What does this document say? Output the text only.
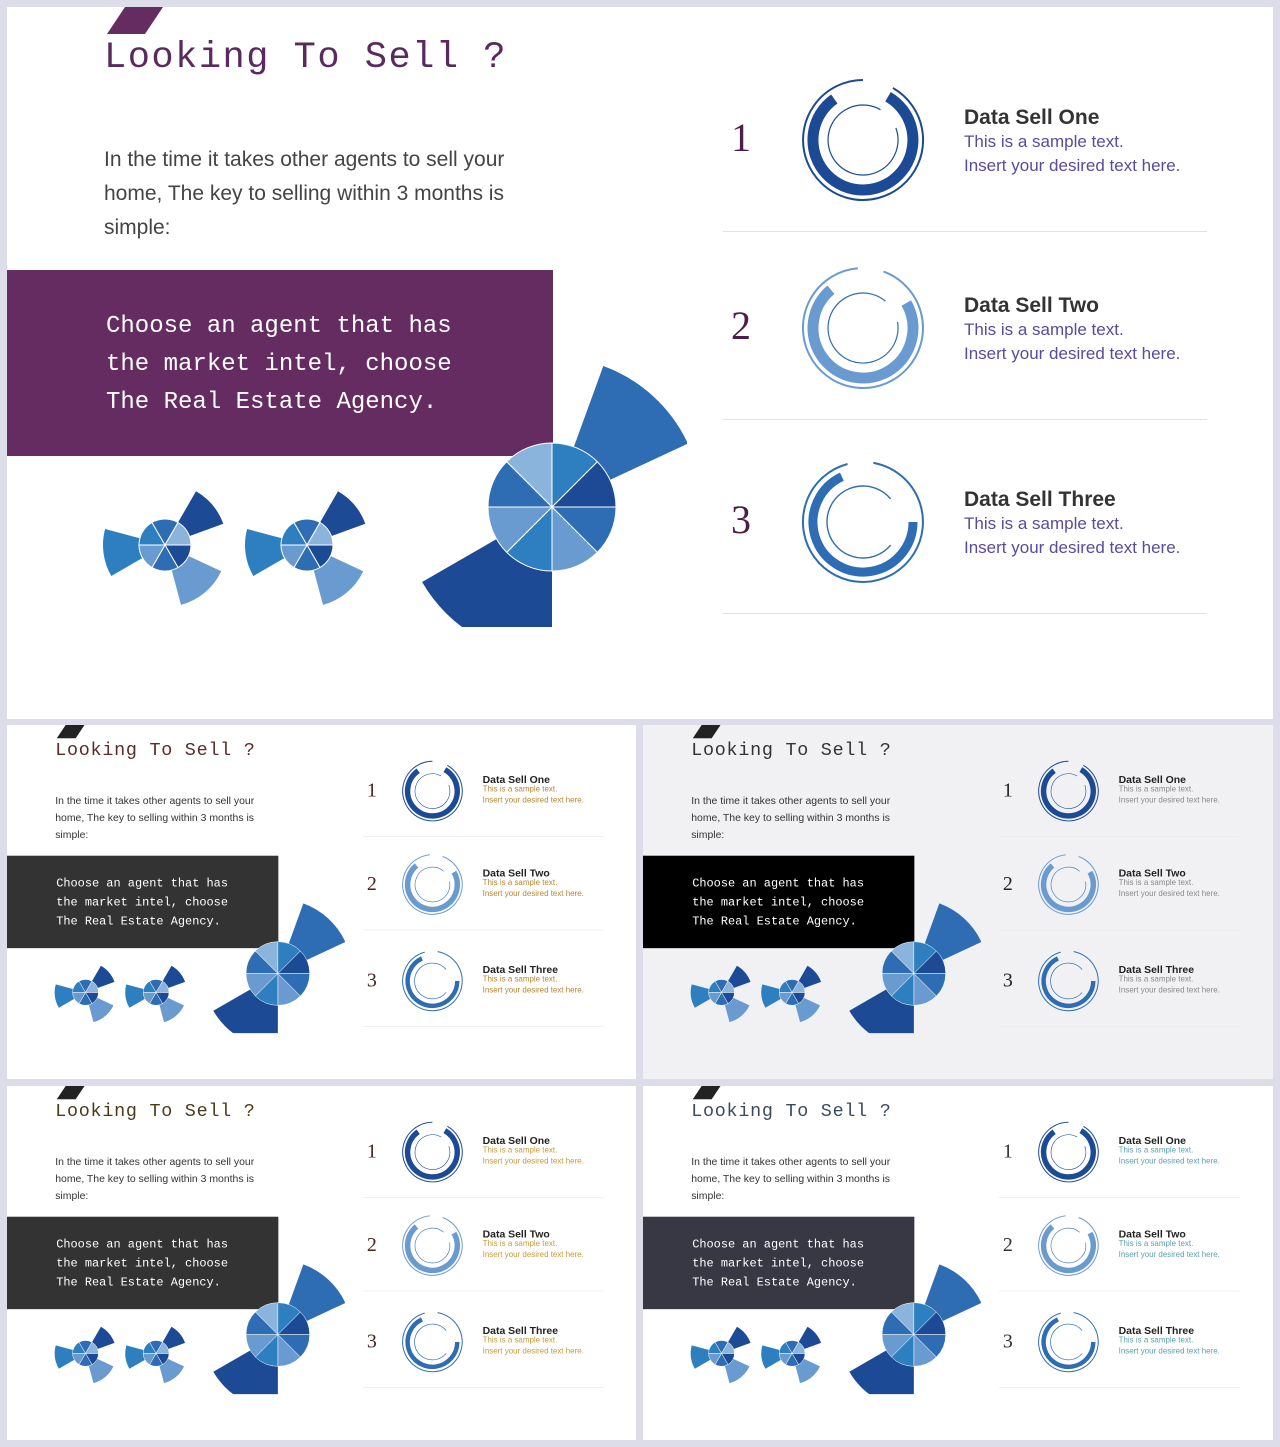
Looking To Sell ?

In the time it takes other agents to sell your home, The key to selling within 3 months is simple:

Choose an agent that has
the market intel, choose
The Real Estate Agency.

1	Data Sell One

This is a sample text.

Insert your desired text here.

2	Data Sell Two

This is a sample text.

Insert your desired text here.

3	Data Sell Three

This is a sample text.

Insert your desired text here.

Looking To Sell ?

In the time it takes other agents to sell your home, The key to selling within 3 months is simple:

Choose an agent that has
the market intel, choose
The Real Estate Agency.

1	Data Sell One

This is a sample text.

Insert your desired text here.

2	Data Sell Two

This is a sample text.

Insert your desired text here.

3	Data Sell Three

This is a sample text.

Insert your desired text here.

Looking To Sell ?

In the time it takes other agents to sell your home, The key to selling within 3 months is simple:

Choose an agent that has
the market intel, choose
The Real Estate Agency.

1	Data Sell One

This is a sample text.

Insert your desired text here.

2	Data Sell Two

This is a sample text.

Insert your desired text here.

3	Data Sell Three

This is a sample text.

Insert your desired text here.

Looking To Sell ?

In the time it takes other agents to sell your home, The key to selling within 3 months is simple:

Choose an agent that has
the market intel, choose
The Real Estate Agency.

1	Data Sell One

This is a sample text.

Insert your desired text here.

2	Data Sell Two

This is a sample text.

Insert your desired text here.

3	Data Sell Three

This is a sample text.

Insert your desired text here.

Looking To Sell ?

In the time it takes other agents to sell your home, The key to selling within 3 months is simple:

Choose an agent that has
the market intel, choose
The Real Estate Agency.

1	Data Sell One

This is a sample text.

Insert your desired text here.

2	Data Sell Two

This is a sample text.

Insert your desired text here.

3	Data Sell Three

This is a sample text.

Insert your desired text here.
